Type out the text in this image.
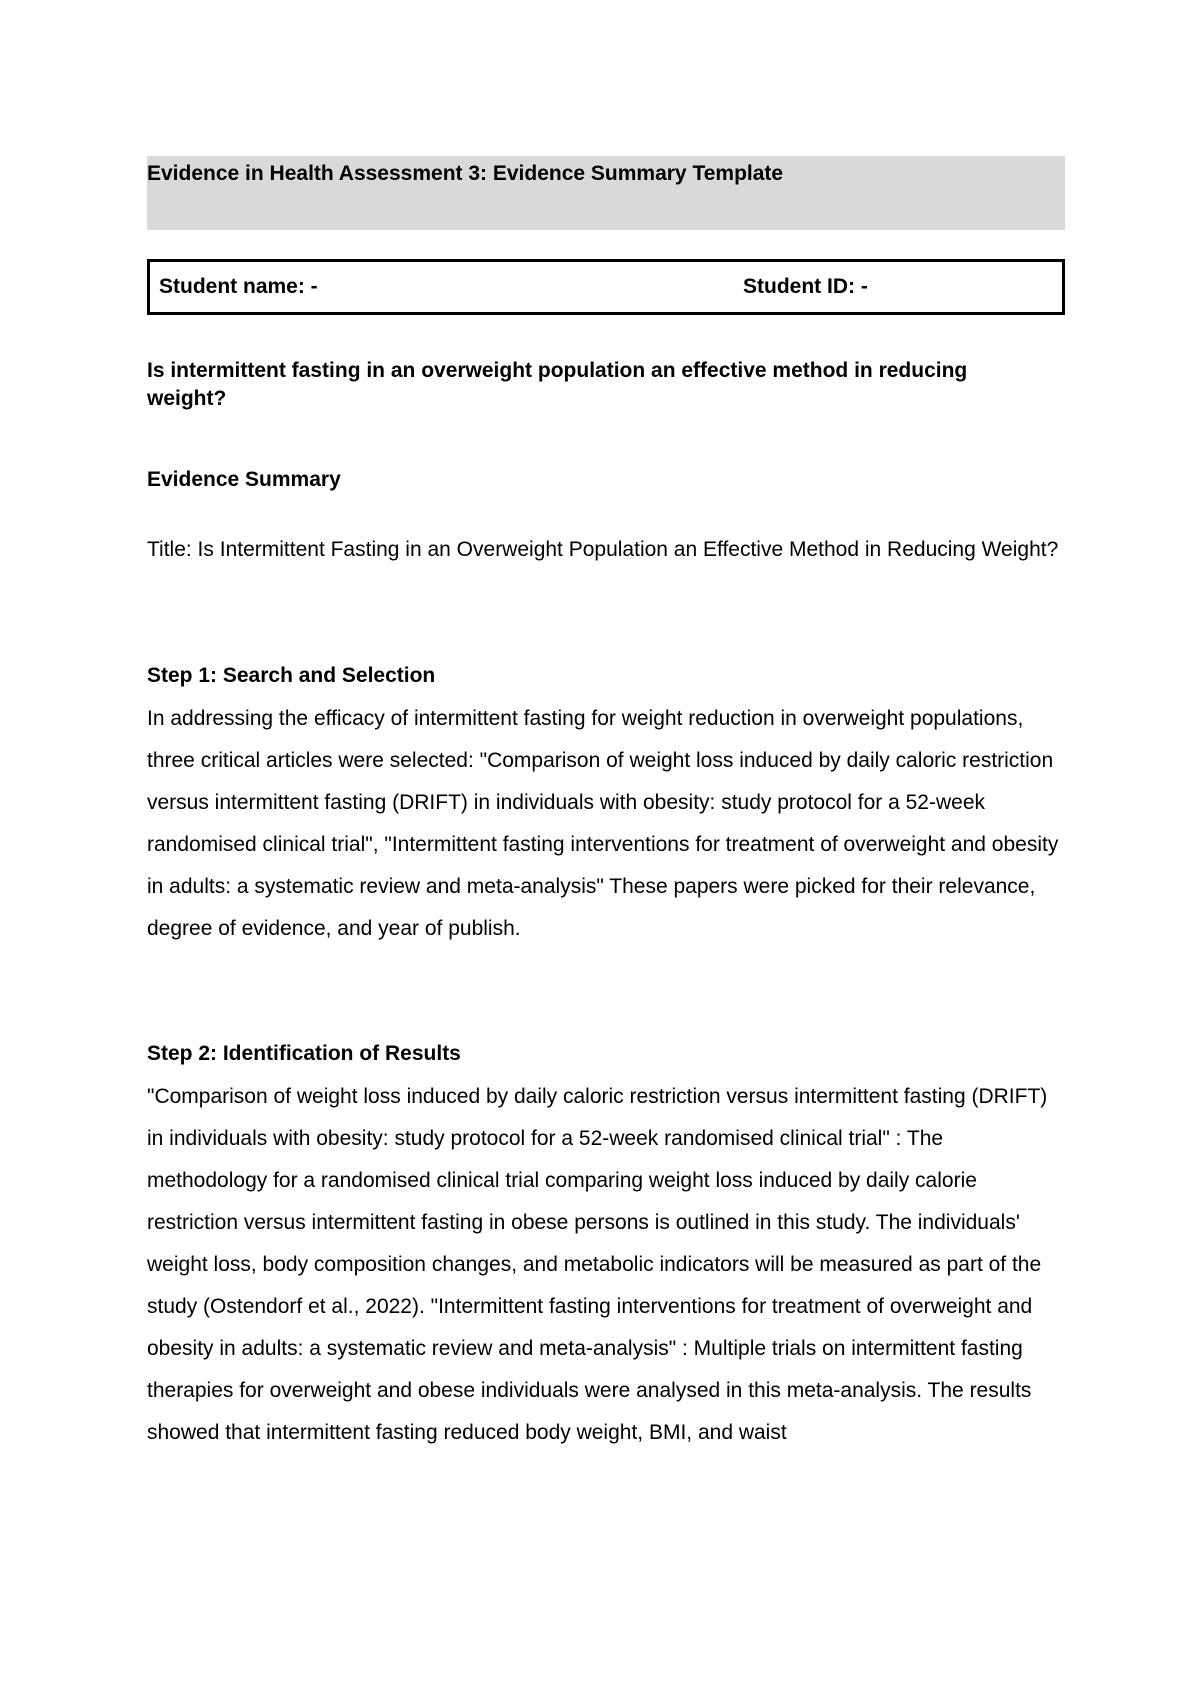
Evidence in Health Assessment 3: Evidence Summary Template
Student name: -	Student ID: -

Is intermittent fasting in an overweight population an effective method in reducing weight?

Evidence Summary

Title: Is Intermittent Fasting in an Overweight Population an Effective Method in Reducing Weight?

Step 1: Search and Selection

In addressing the efficacy of intermittent fasting for weight reduction in overweight populations, three critical articles were selected: "Comparison of weight loss induced by daily caloric restriction versus intermittent fasting (DRIFT) in individuals with obesity: study protocol for a 52-week randomised clinical trial", "Intermittent fasting interventions for treatment of overweight and obesity in adults: a systematic review and meta-analysis" These papers were picked for their relevance, degree of evidence, and year of publish.

Step 2: Identification of Results

"Comparison of weight loss induced by daily caloric restriction versus intermittent fasting (DRIFT) in individuals with obesity: study protocol for a 52-week randomised clinical trial" : The methodology for a randomised clinical trial comparing weight loss induced by daily calorie restriction versus intermittent fasting in obese persons is outlined in this study. The individuals' weight loss, body composition changes, and metabolic indicators will be measured as part of the study (Ostendorf et al., 2022). "Intermittent fasting interventions for treatment of overweight and obesity in adults: a systematic review and meta-analysis" : Multiple trials on intermittent fasting therapies for overweight and obese individuals were analysed in this meta-analysis. The results showed that intermittent fasting reduced body weight, BMI, and waist
